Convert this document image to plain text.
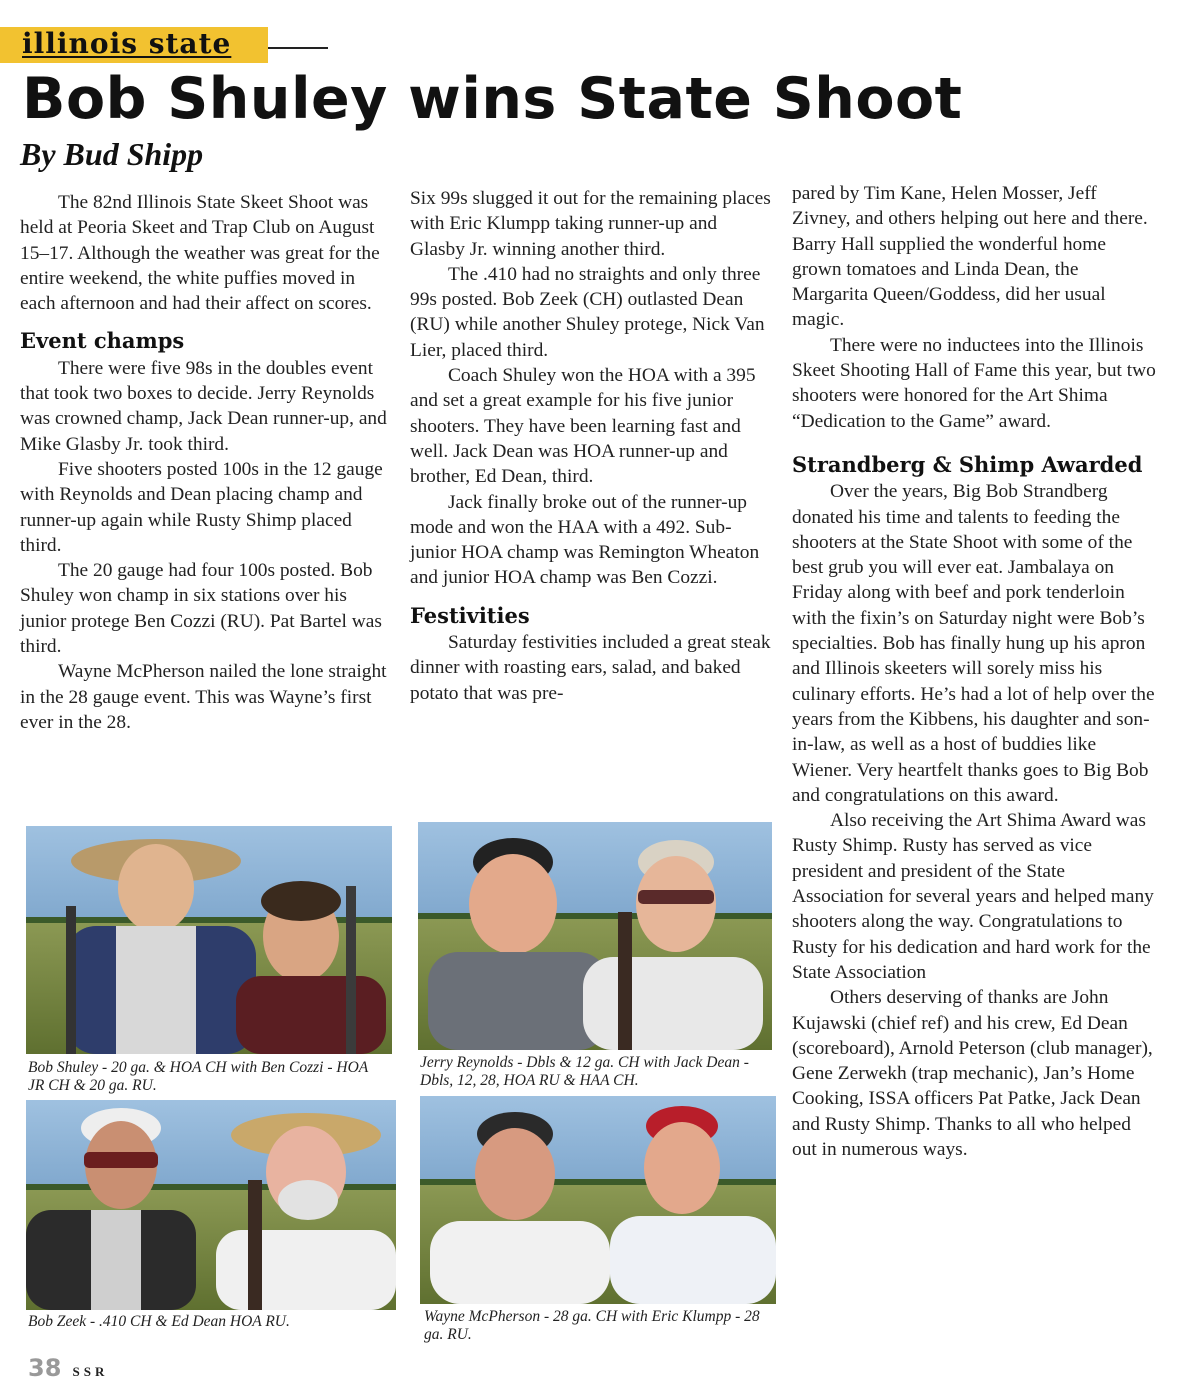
illinois state
Bob Shuley wins State Shoot
By Bud Shipp

The 82nd Illinois State Skeet Shoot was held at Peoria Skeet and Trap Club on August 15–17. Although the weather was great for the entire weekend, the white puffies moved in each afternoon and had their affect on scores.

Event champs

There were five 98s in the doubles event that took two boxes to decide. Jerry Reynolds was crowned champ, Jack Dean runner-up, and Mike Glasby Jr. took third.

Five shooters posted 100s in the 12 gauge with Reynolds and Dean placing champ and runner-up again while Rusty Shimp placed third.

The 20 gauge had four 100s posted. Bob Shuley won champ in six stations over his junior protege Ben Cozzi (RU). Pat Bartel was third.

Wayne McPherson nailed the lone straight in the 28 gauge event. This was Wayne’s first ever in the 28.

Six 99s slugged it out for the remaining places with Eric Klumpp taking runner-up and Glasby Jr. winning another third.

The .410 had no straights and only three 99s posted. Bob Zeek (CH) outlasted Dean (RU) while another Shuley protege, Nick Van Lier, placed third.

Coach Shuley won the HOA with a 395 and set a great example for his five junior shooters. They have been learning fast and well. Jack Dean was HOA runner-up and brother, Ed Dean, third.

Jack finally broke out of the runner-up mode and won the HAA with a 492. Sub-junior HOA champ was Remington Wheaton and junior HOA champ was Ben Cozzi.

Festivities

Saturday festivities included a great steak dinner with roasting ears, salad, and baked potato that was pre-

pared by Tim Kane, Helen Mosser, Jeff Zivney, and others helping out here and there. Barry Hall supplied the wonderful home grown tomatoes and Linda Dean, the Margarita Queen/Goddess, did her usual magic.

There were no inductees into the Illinois Skeet Shooting Hall of Fame this year, but two shooters were honored for the Art Shima “Dedication to the Game” award.

Strandberg & Shimp Awarded

Over the years, Big Bob Strandberg donated his time and talents to feeding the shooters at the State Shoot with some of the best grub you will ever eat. Jambalaya on Friday along with beef and pork tenderloin with the fixin’s on Saturday night were Bob’s specialties. Bob has finally hung up his apron and Illinois skeeters will sorely miss his culinary efforts. He’s had a lot of help over the years from the Kibbens, his daughter and son-in-law, as well as a host of buddies like Wiener. Very heartfelt thanks goes to Big Bob and congratulations on this award.

Also receiving the Art Shima Award was Rusty Shimp. Rusty has served as vice president and president of the State Association for several years and helped many shooters along the way. Congratulations to Rusty for his dedication and hard work for the State Association

Others deserving of thanks are John Kujawski (chief ref) and his crew, Ed Dean (scoreboard), Arnold Peterson (club manager), Gene Zerwekh (trap mechanic), Jan’s Home Cooking, ISSA officers Pat Patke, Jack Dean and Rusty Shimp. Thanks to all who helped out in numerous ways.

Bob Shuley - 20 ga. & HOA CH with Ben Cozzi - HOA JR CH & 20 ga. RU.
Jerry Reynolds - Dbls & 12 ga. CH with Jack Dean - Dbls, 12, 28, HOA RU & HAA CH.
Bob Zeek - .410 CH & Ed Dean HOA RU.	Wayne McPherson - 28 ga. CH with Eric Klumpp - 28 ga. RU.
38 SSR
